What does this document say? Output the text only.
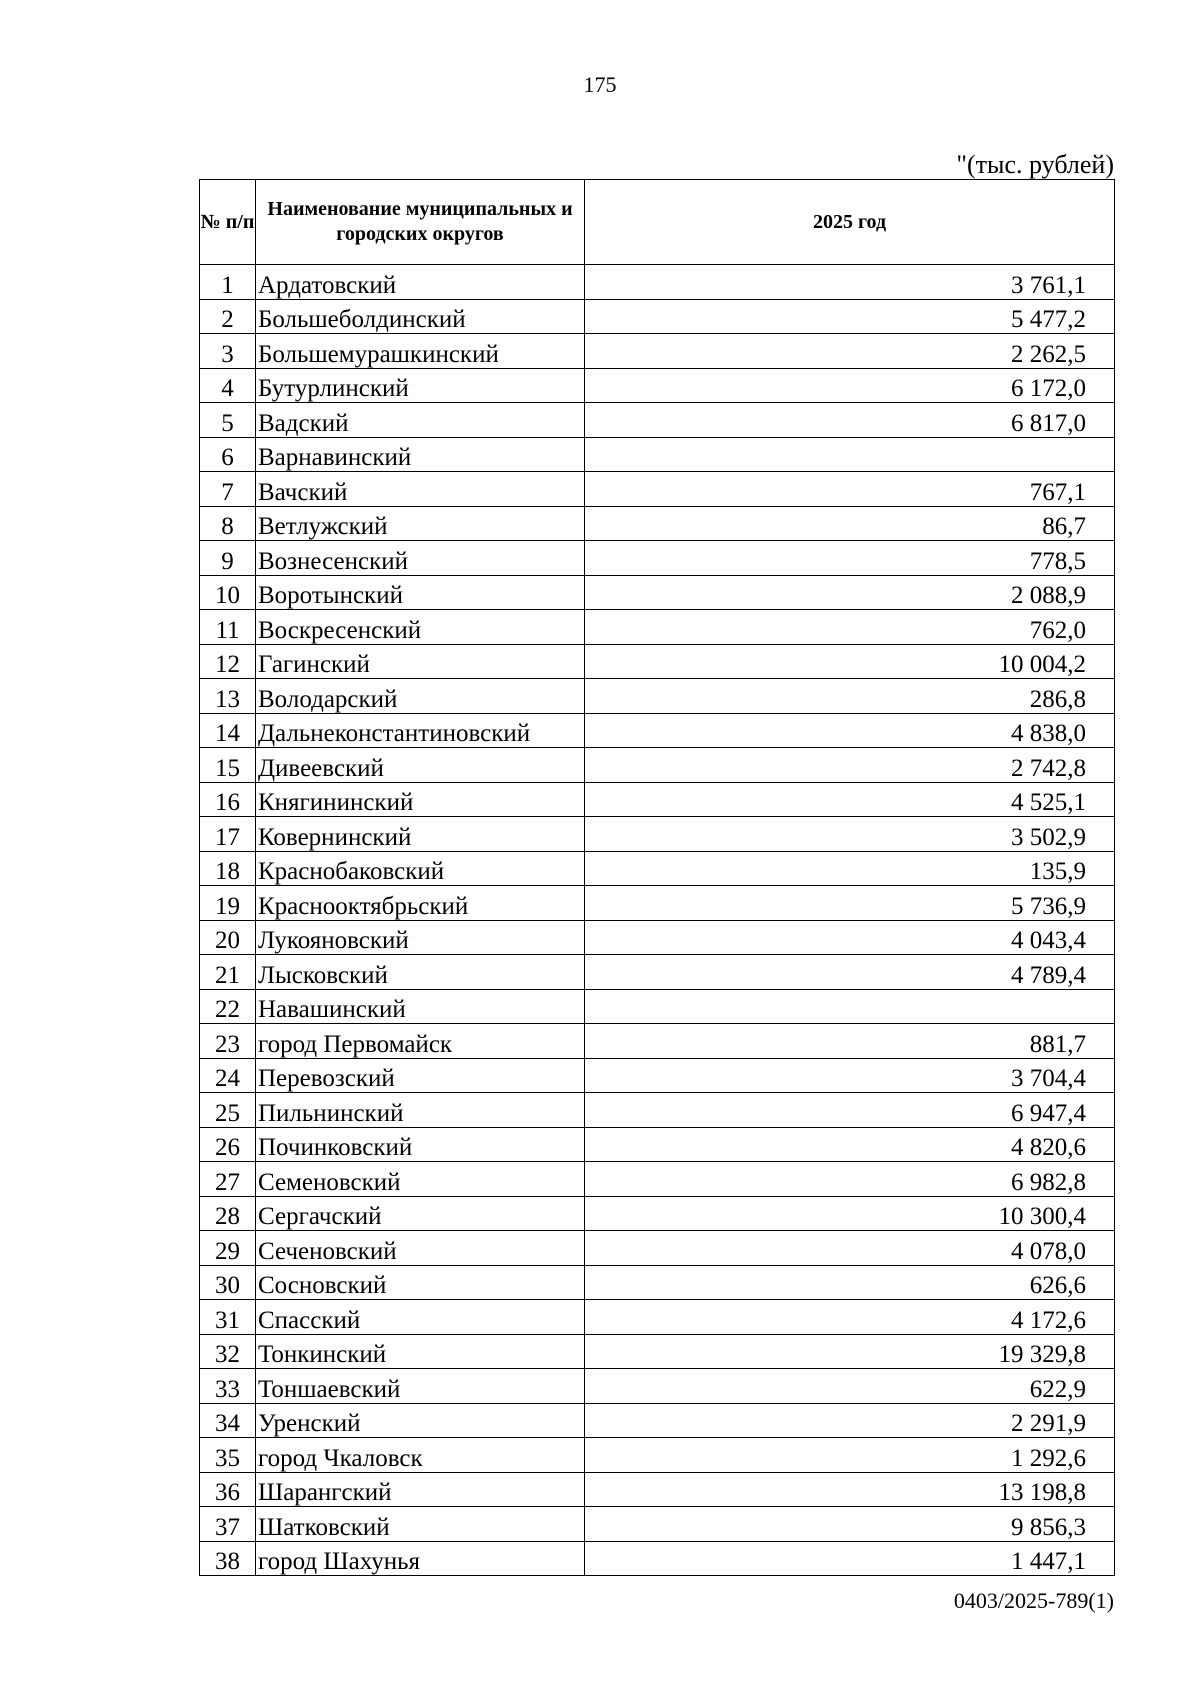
175
"(тыс. рублей)
№ п/п	Наименование муниципальных и городских округов	2025 год
1	Ардатовский	3 761,1
2	Большеболдинский	5 477,2
3	Большемурашкинский	2 262,5
4	Бутурлинский	6 172,0
5	Вадский	6 817,0
6	Варнавинский	
7	Вачский	767,1
8	Ветлужский	86,7
9	Вознесенский	778,5
10	Воротынский	2 088,9
11	Воскресенский	762,0
12	Гагинский	10 004,2
13	Володарский	286,8
14	Дальнеконстантиновский	4 838,0
15	Дивеевский	2 742,8
16	Княгининский	4 525,1
17	Ковернинский	3 502,9
18	Краснобаковский	135,9
19	Краснооктябрьский	5 736,9
20	Лукояновский	4 043,4
21	Лысковский	4 789,4
22	Навашинский	
23	город Первомайск	881,7
24	Перевозский	3 704,4
25	Пильнинский	6 947,4
26	Починковский	4 820,6
27	Семеновский	6 982,8
28	Сергачский	10 300,4
29	Сеченовский	4 078,0
30	Сосновский	626,6
31	Спасский	4 172,6
32	Тонкинский	19 329,8
33	Тоншаевский	622,9
34	Уренский	2 291,9
35	город Чкаловск	1 292,6
36	Шарангский	13 198,8
37	Шатковский	9 856,3
38	город Шахунья	1 447,1
0403/2025-789(1)
